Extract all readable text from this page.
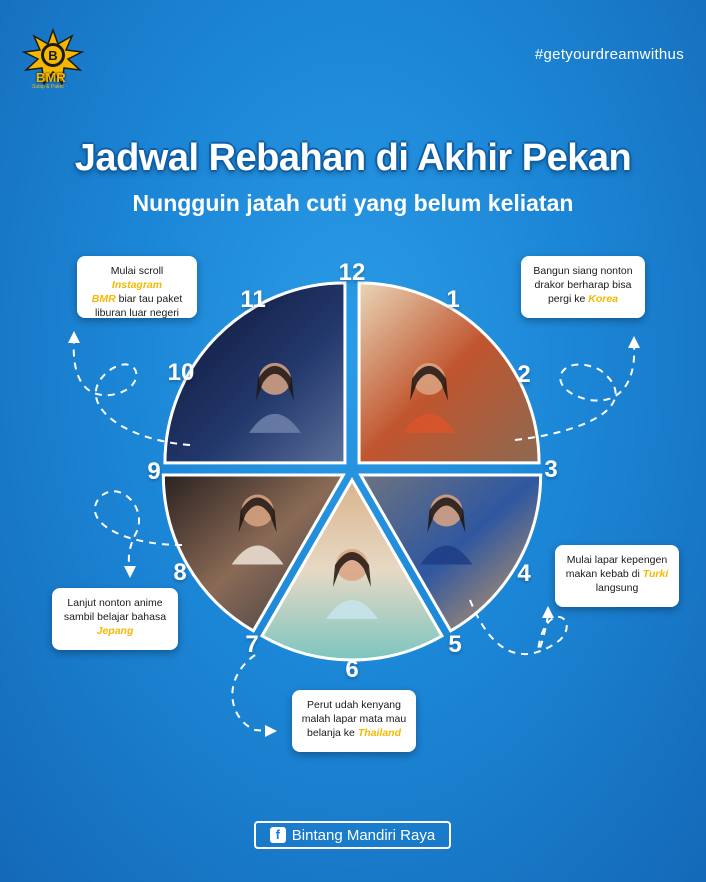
B
BMR
Sulap & Paket
#getyourdreamwithus
Jadwal Rebahan di Akhir Pekan
Nungguin jatah cuti yang belum keliatan
12
1
2
3
4
5
6
7
8
9
10
11
Mulai scroll Instagram
BMR biar tau paket liburan luar negeri
Bangun siang nonton drakor berharap bisa pergi ke Korea
Mulai lapar kepengen makan kebab di Turki langsung
Lanjut nonton anime sambil belajar bahasa Jepang
Perut udah kenyang malah lapar mata mau belanja ke Thailand
f Bintang Mandiri Raya
